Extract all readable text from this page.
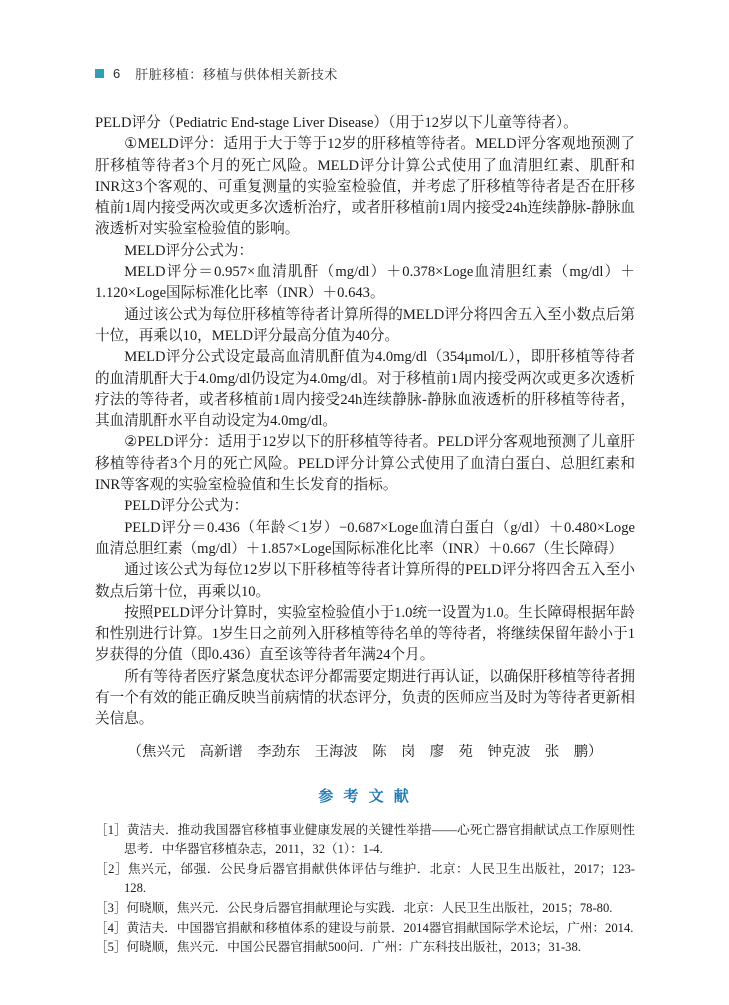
6 肝脏移植：移植与供体相关新技术

PELD评分（Pediatric End-stage Liver Disease）（用于12岁以下儿童等待者）。

①MELD评分：适用于大于等于12岁的肝移植等待者。MELD评分客观地预测了肝移植等待者3个月的死亡风险。MELD评分计算公式使用了血清胆红素、肌酐和INR这3个客观的、可重复测量的实验室检验值，并考虑了肝移植等待者是否在肝移植前1周内接受两次或更多次透析治疗，或者肝移植前1周内接受24h连续静脉-静脉血液透析对实验室检验值的影响。

MELD评分公式为：

MELD评分＝0.957×血清肌酐（mg/dl）＋0.378×Loge血清胆红素（mg/dl）＋1.120×Loge国际标准化比率（INR）＋0.643。

通过该公式为每位肝移植等待者计算所得的MELD评分将四舍五入至小数点后第十位，再乘以10，MELD评分最高分值为40分。

MELD评分公式设定最高血清肌酐值为4.0mg/dl（354μmol/L），即肝移植等待者的血清肌酐大于4.0mg/dl仍设定为4.0mg/dl。对于移植前1周内接受两次或更多次透析疗法的等待者，或者移植前1周内接受24h连续静脉-静脉血液透析的肝移植等待者，其血清肌酐水平自动设定为4.0mg/dl。

②PELD评分：适用于12岁以下的肝移植等待者。PELD评分客观地预测了儿童肝移植等待者3个月的死亡风险。PELD评分计算公式使用了血清白蛋白、总胆红素和INR等客观的实验室检验值和生长发育的指标。

PELD评分公式为：

PELD评分＝0.436（年龄＜1岁）−0.687×Loge血清白蛋白（g/dl）＋0.480×Loge血清总胆红素（mg/dl）＋1.857×Loge国际标准化比率（INR）＋0.667（生长障碍）

通过该公式为每位12岁以下肝移植等待者计算所得的PELD评分将四舍五入至小数点后第十位，再乘以10。

按照PELD评分计算时，实验室检验值小于1.0统一设置为1.0。生长障碍根据年龄和性别进行计算。1岁生日之前列入肝移植等待名单的等待者，将继续保留年龄小于1岁获得的分值（即0.436）直至该等待者年满24个月。

所有等待者医疗紧急度状态评分都需要定期进行再认证，以确保肝移植等待者拥有一个有效的能正确反映当前病情的状态评分，负责的医师应当及时为等待者更新相关信息。

（焦兴元　高新谱　李劲东　王海波　陈　岗　廖　苑　钟克波　张　鹏）
参 考 文 献
［1］黄洁夫．推动我国器官移植事业健康发展的关键性举措——心死亡器官捐献试点工作原则性思考．中华器官移植杂志，2011，32（1）：1-4.
［2］焦兴元，邰强．公民身后器官捐献供体评估与维护．北京：人民卫生出版社，2017；123-128.
［3］何晓顺，焦兴元．公民身后器官捐献理论与实践．北京：人民卫生出版社，2015；78-80.
［4］黄洁夫．中国器官捐献和移植体系的建设与前景．2014器官捐献国际学术论坛，广州：2014.
［5］何晓顺，焦兴元．中国公民器官捐献500问．广州：广东科技出版社，2013；31-38.
